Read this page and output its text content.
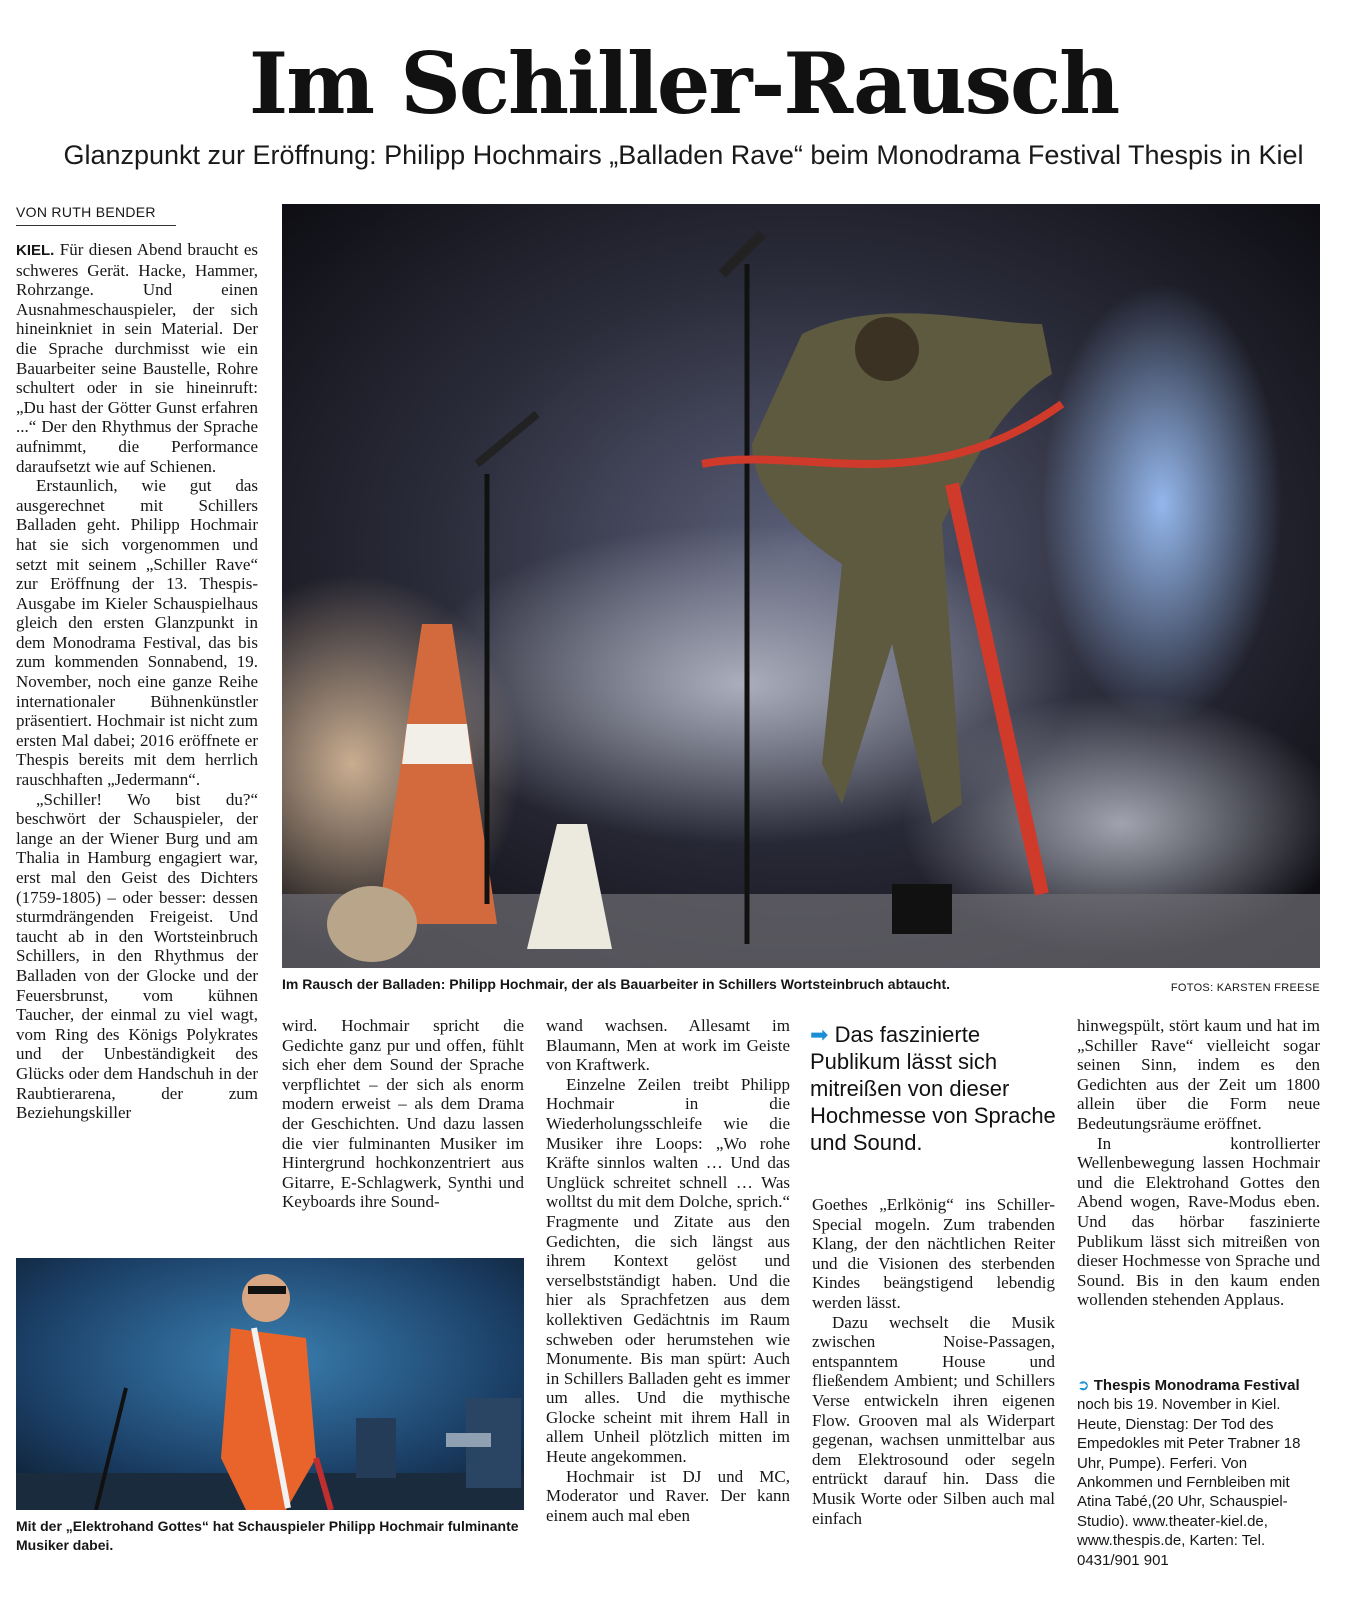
Im Schiller-Rausch
Glanzpunkt zur Eröffnung: Philipp Hochmairs „Balladen Rave“ beim Monodrama Festival Thespis in Kiel
VON RUTH BENDER

KIEL. Für diesen Abend braucht es schweres Gerät. Hacke, Hammer, Rohrzange. Und einen Ausnahmeschauspieler, der sich hineinkniet in sein Material. Der die Sprache durchmisst wie ein Bauarbeiter seine Baustelle, Rohre schultert oder in sie hineinruft: „Du hast der Götter Gunst erfahren ...“ Der den Rhythmus der Sprache aufnimmt, die Performance daraufsetzt wie auf Schienen.

Erstaunlich, wie gut das ausgerechnet mit Schillers Balladen geht. Philipp Hochmair hat sie sich vorgenommen und setzt mit seinem „Schiller Rave“ zur Eröffnung der 13. Thespis-Ausgabe im Kieler Schauspielhaus gleich den ersten Glanzpunkt in dem Monodrama Festival, das bis zum kommenden Sonnabend, 19. November, noch eine ganze Reihe internationaler Bühnenkünstler präsentiert. Hochmair ist nicht zum ersten Mal dabei; 2016 eröffnete er Thespis bereits mit dem herrlich rauschhaften „Jedermann“.

„Schiller! Wo bist du?“ beschwört der Schauspieler, der lange an der Wiener Burg und am Thalia in Hamburg engagiert war, erst mal den Geist des Dichters (1759-1805) – oder besser: dessen sturmdrängenden Freigeist. Und taucht ab in den Wortsteinbruch Schillers, in den Rhythmus der Balladen von der Glocke und der Feuersbrunst, vom kühnen Taucher, der einmal zu viel wagt, vom Ring des Königs Polykrates und der Unbeständigkeit des Glücks oder dem Handschuh in der Raubtierarena, der zum Beziehungskiller

Im Rausch der Balladen: Philipp Hochmair, der als Bauarbeiter in Schillers Wortsteinbruch abtaucht.	FOTOS: KARSTEN FREESE

wird. Hochmair spricht die Gedichte ganz pur und offen, fühlt sich eher dem Sound der Sprache verpflichtet – der sich als enorm modern erweist – als dem Drama der Geschichten. Und dazu lassen die vier fulminanten Musiker im Hintergrund hochkonzentriert aus Gitarre, E-Schlagwerk, Synthi und Keyboards ihre Sound-

Mit der „Elektrohand Gottes“ hat Schauspieler Philipp Hochmair fulminante Musiker dabei.

wand wachsen. Allesamt im Blaumann, Men at work im Geiste von Kraftwerk.

Einzelne Zeilen treibt Philipp Hochmair in die Wiederholungsschleife wie die Musiker ihre Loops: „Wo rohe Kräfte sinnlos walten … Und das Unglück schreitet schnell … Was wolltst du mit dem Dolche, sprich.“ Fragmente und Zitate aus den Gedichten, die sich längst aus ihrem Kontext gelöst und verselbstständigt haben. Und die hier als Sprachfetzen aus dem kollektiven Gedächtnis im Raum schweben oder herumstehen wie Monumente. Bis man spürt: Auch in Schillers Balladen geht es immer um alles. Und die mythische Glocke scheint mit ihrem Hall in allem Unheil plötzlich mitten im Heute angekommen.

Hochmair ist DJ und MC, Moderator und Raver. Der kann einem auch mal eben

➡ Das faszinierte Publikum lässt sich mitreißen von dieser Hochmesse von Sprache und Sound.

Goethes „Erlkönig“ ins Schiller-Special mogeln. Zum trabenden Klang, der den nächtlichen Reiter und die Visionen des sterbenden Kindes beängstigend lebendig werden lässt.

Dazu wechselt die Musik zwischen Noise-Passagen, entspanntem House und fließendem Ambient; und Schillers Verse entwickeln ihren eigenen Flow. Grooven mal als Widerpart gegenan, wachsen unmittelbar aus dem Elektrosound oder segeln entrückt darauf hin. Dass die Musik Worte oder Silben auch mal einfach

hinwegspült, stört kaum und hat im „Schiller Rave“ vielleicht sogar seinen Sinn, indem es den Gedichten aus der Zeit um 1800 allein über die Form neue Bedeutungsräume eröffnet.

In kontrollierter Wellenbewegung lassen Hochmair und die Elektrohand Gottes den Abend wogen, Rave-Modus eben. Und das hörbar faszinierte Publikum lässt sich mitreißen von dieser Hochmesse von Sprache und Sound. Bis in den kaum enden wollenden stehenden Applaus.

➲ Thespis Monodrama Festival
noch bis 19. November in Kiel. Heute, Dienstag: Der Tod des Empedokles mit Peter Trabner 18 Uhr, Pumpe). Ferferi. Von Ankommen und Fernbleiben mit Atina Tabé,(20 Uhr, Schauspiel-Studio). www.theater-kiel.de, www.thespis.de, Karten: Tel. 0431/901 901
